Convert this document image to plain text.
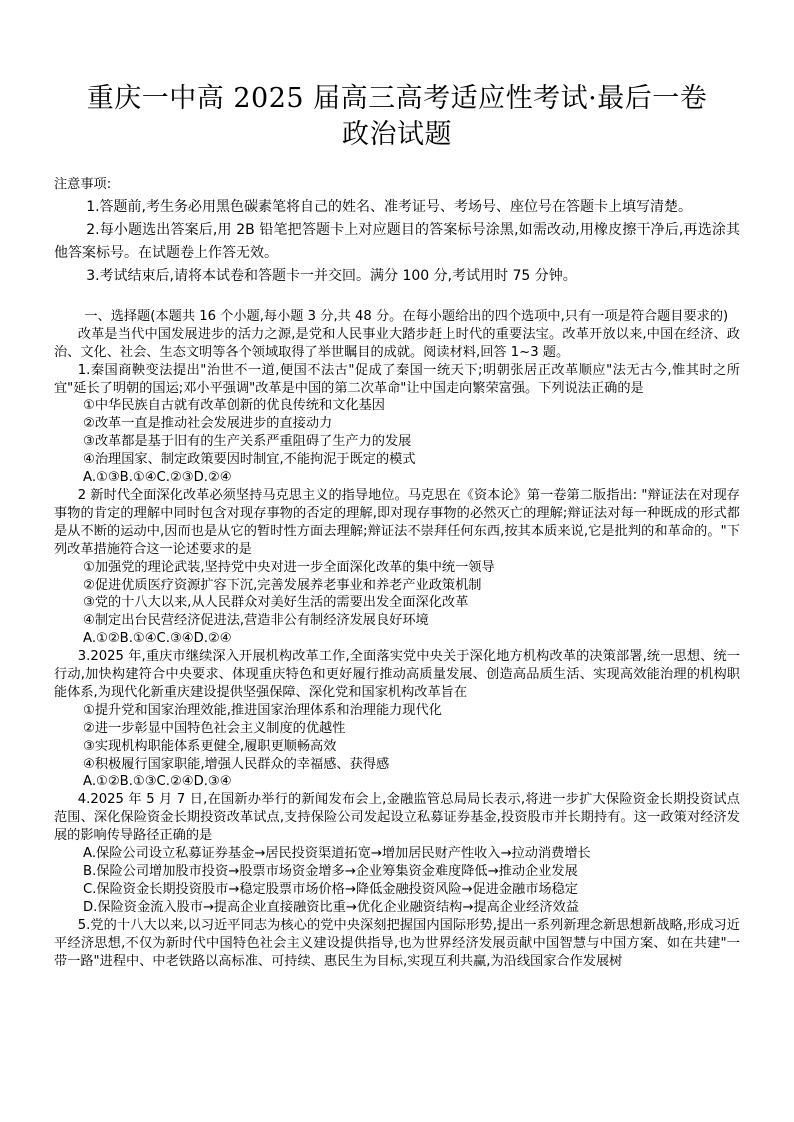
重庆一中高 2025 届高三高考适应性考试·最后一卷
政治试题

注意事项:

1.答题前,考生务必用黑色碳素笔将自己的姓名、准考证号、考场号、座位号在答题卡上填写清楚。

2.每小题选出答案后,用 2B 铅笔把答题卡上对应题目的答案标号涂黑,如需改动,用橡皮擦干净后,再选涂其他答案标号。在试题卷上作答无效。

3.考试结束后,请将本试卷和答题卡一并交回。满分 100 分,考试用时 75 分钟。

一、选择题(本题共 16 个小题,每小题 3 分,共 48 分。在每小题给出的四个选项中,只有一项是符合题目要求的)

改革是当代中国发展进步的活力之源,是党和人民事业大踏步赶上时代的重要法宝。改革开放以来,中国在经济、政治、文化、社会、生态文明等各个领域取得了举世瞩目的成就。阅读材料,回答 1~3 题。

1.秦国商鞅变法提出"治世不一道,便国不法古"促成了秦国一统天下;明朝张居正改革顺应"法无古今,惟其时之所宜"延长了明朝的国运;邓小平强调"改革是中国的第二次革命"让中国走向繁荣富强。下列说法正确的是

①中华民族自古就有改革创新的优良传统和文化基因

②改革一直是推动社会发展进步的直接动力

③改革都是基于旧有的生产关系严重阻碍了生产力的发展

④治理国家、制定政策要因时制宜,不能拘泥于既定的模式

A.①③B.①④C.②③D.②④

2 新时代全面深化改革必须坚持马克思主义的指导地位。马克思在《资本论》第一卷第二版指出: "辩证法在对现存事物的肯定的理解中同时包含对现存事物的否定的理解,即对现存事物的必然灭亡的理解;辩证法对每一种既成的形式都是从不断的运动中,因而也是从它的暂时性方面去理解;辩证法不崇拜任何东西,按其本质来说,它是批判的和革命的。"下列改革措施符合这一论述要求的是

①加强党的理论武装,坚持党中央对进一步全面深化改革的集中统一领导

②促进优质医疗资源扩容下沉,完善发展养老事业和养老产业政策机制

③党的十八大以来,从人民群众对美好生活的需要出发全面深化改革

④制定出台民营经济促进法,营造非公有制经济发展良好环境

A.①②B.①④C.③④D.②④

3.2025 年,重庆市继续深入开展机构改革工作,全面落实党中央关于深化地方机构改革的决策部署,统一思想、统一行动,加快构建符合中央要求、体现重庆特色和更好履行推动高质量发展、创造高品质生活、实现高效能治理的机构职能体系,为现代化新重庆建设提供坚强保障、深化党和国家机构改革旨在

①提升党和国家治理效能,推进国家治理体系和治理能力现代化

②进一步彰显中国特色社会主义制度的优越性

③实现机构职能体系更健全,履职更顺畅高效

④积极履行国家职能,增强人民群众的幸福感、获得感

A.①②B.①③C.②④D.③④

4.2025 年 5 月 7 日,在国新办举行的新闻发布会上,金融监管总局局长表示,将进一步扩大保险资金长期投资试点范围、深化保险资金长期投资改革试点,支持保险公司发起设立私募证券基金,投资股市并长期持有。这一政策对经济发展的影响传导路径正确的是

A.保险公司设立私募证券基金→居民投资渠道拓宽→增加居民财产性收入→拉动消费增长

B.保险公司增加股市投资→股票市场资金增多→企业筹集资金难度降低→推动企业发展

C.保险资金长期投资股市→稳定股票市场价格→降低金融投资风险→促进金融市场稳定

D.保险资金流入股市→提高企业直接融资比重→优化企业融资结构→提高企业经济效益

5.党的十八大以来,以习近平同志为核心的党中央深刻把握国内国际形势,提出一系列新理念新思想新战略,形成习近平经济思想,不仅为新时代中国特色社会主义建设提供指导,也为世界经济发展贡献中国智慧与中国方案、如在共建"一带一路"进程中、中老铁路以高标准、可持续、惠民生为目标,实现互利共赢,为沿线国家合作发展树
